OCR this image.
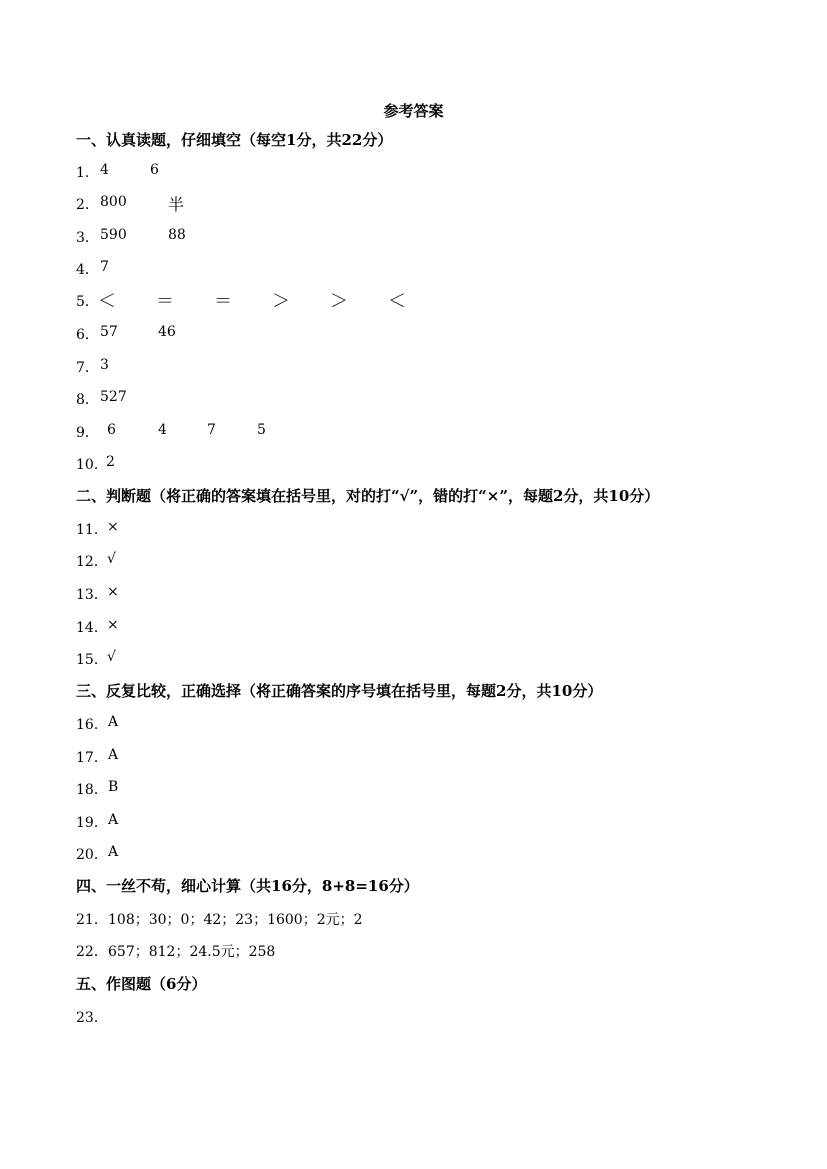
参考答案
一、认真读题，仔细填空（每空1分，共22分）
1． 4	6
2． 800	半
3． 590	88
4． 7
5． ＜ ＝ ＝ ＞ ＞ ＜
6． 57	46
7． 3
8． 527
9． 6	4	7	5
10．
2
二、判断题（将正确的答案填在括号里，对的打“√”，错的打“×”，每题2分，共10分）
11． ×
12． √
13． ×
14． ×
15． √
三、反复比较，正确选择（将正确答案的序号填在括号里，每题2分，共10分）
16． A
17． A
18． B
19． A
20． A
四、一丝不苟，细心计算（共16分，8+8=16分）
21． 108；30；0；42；23；1600；2元；2
22． 657；812；24.5元；258
五、作图题（6分）
23．
